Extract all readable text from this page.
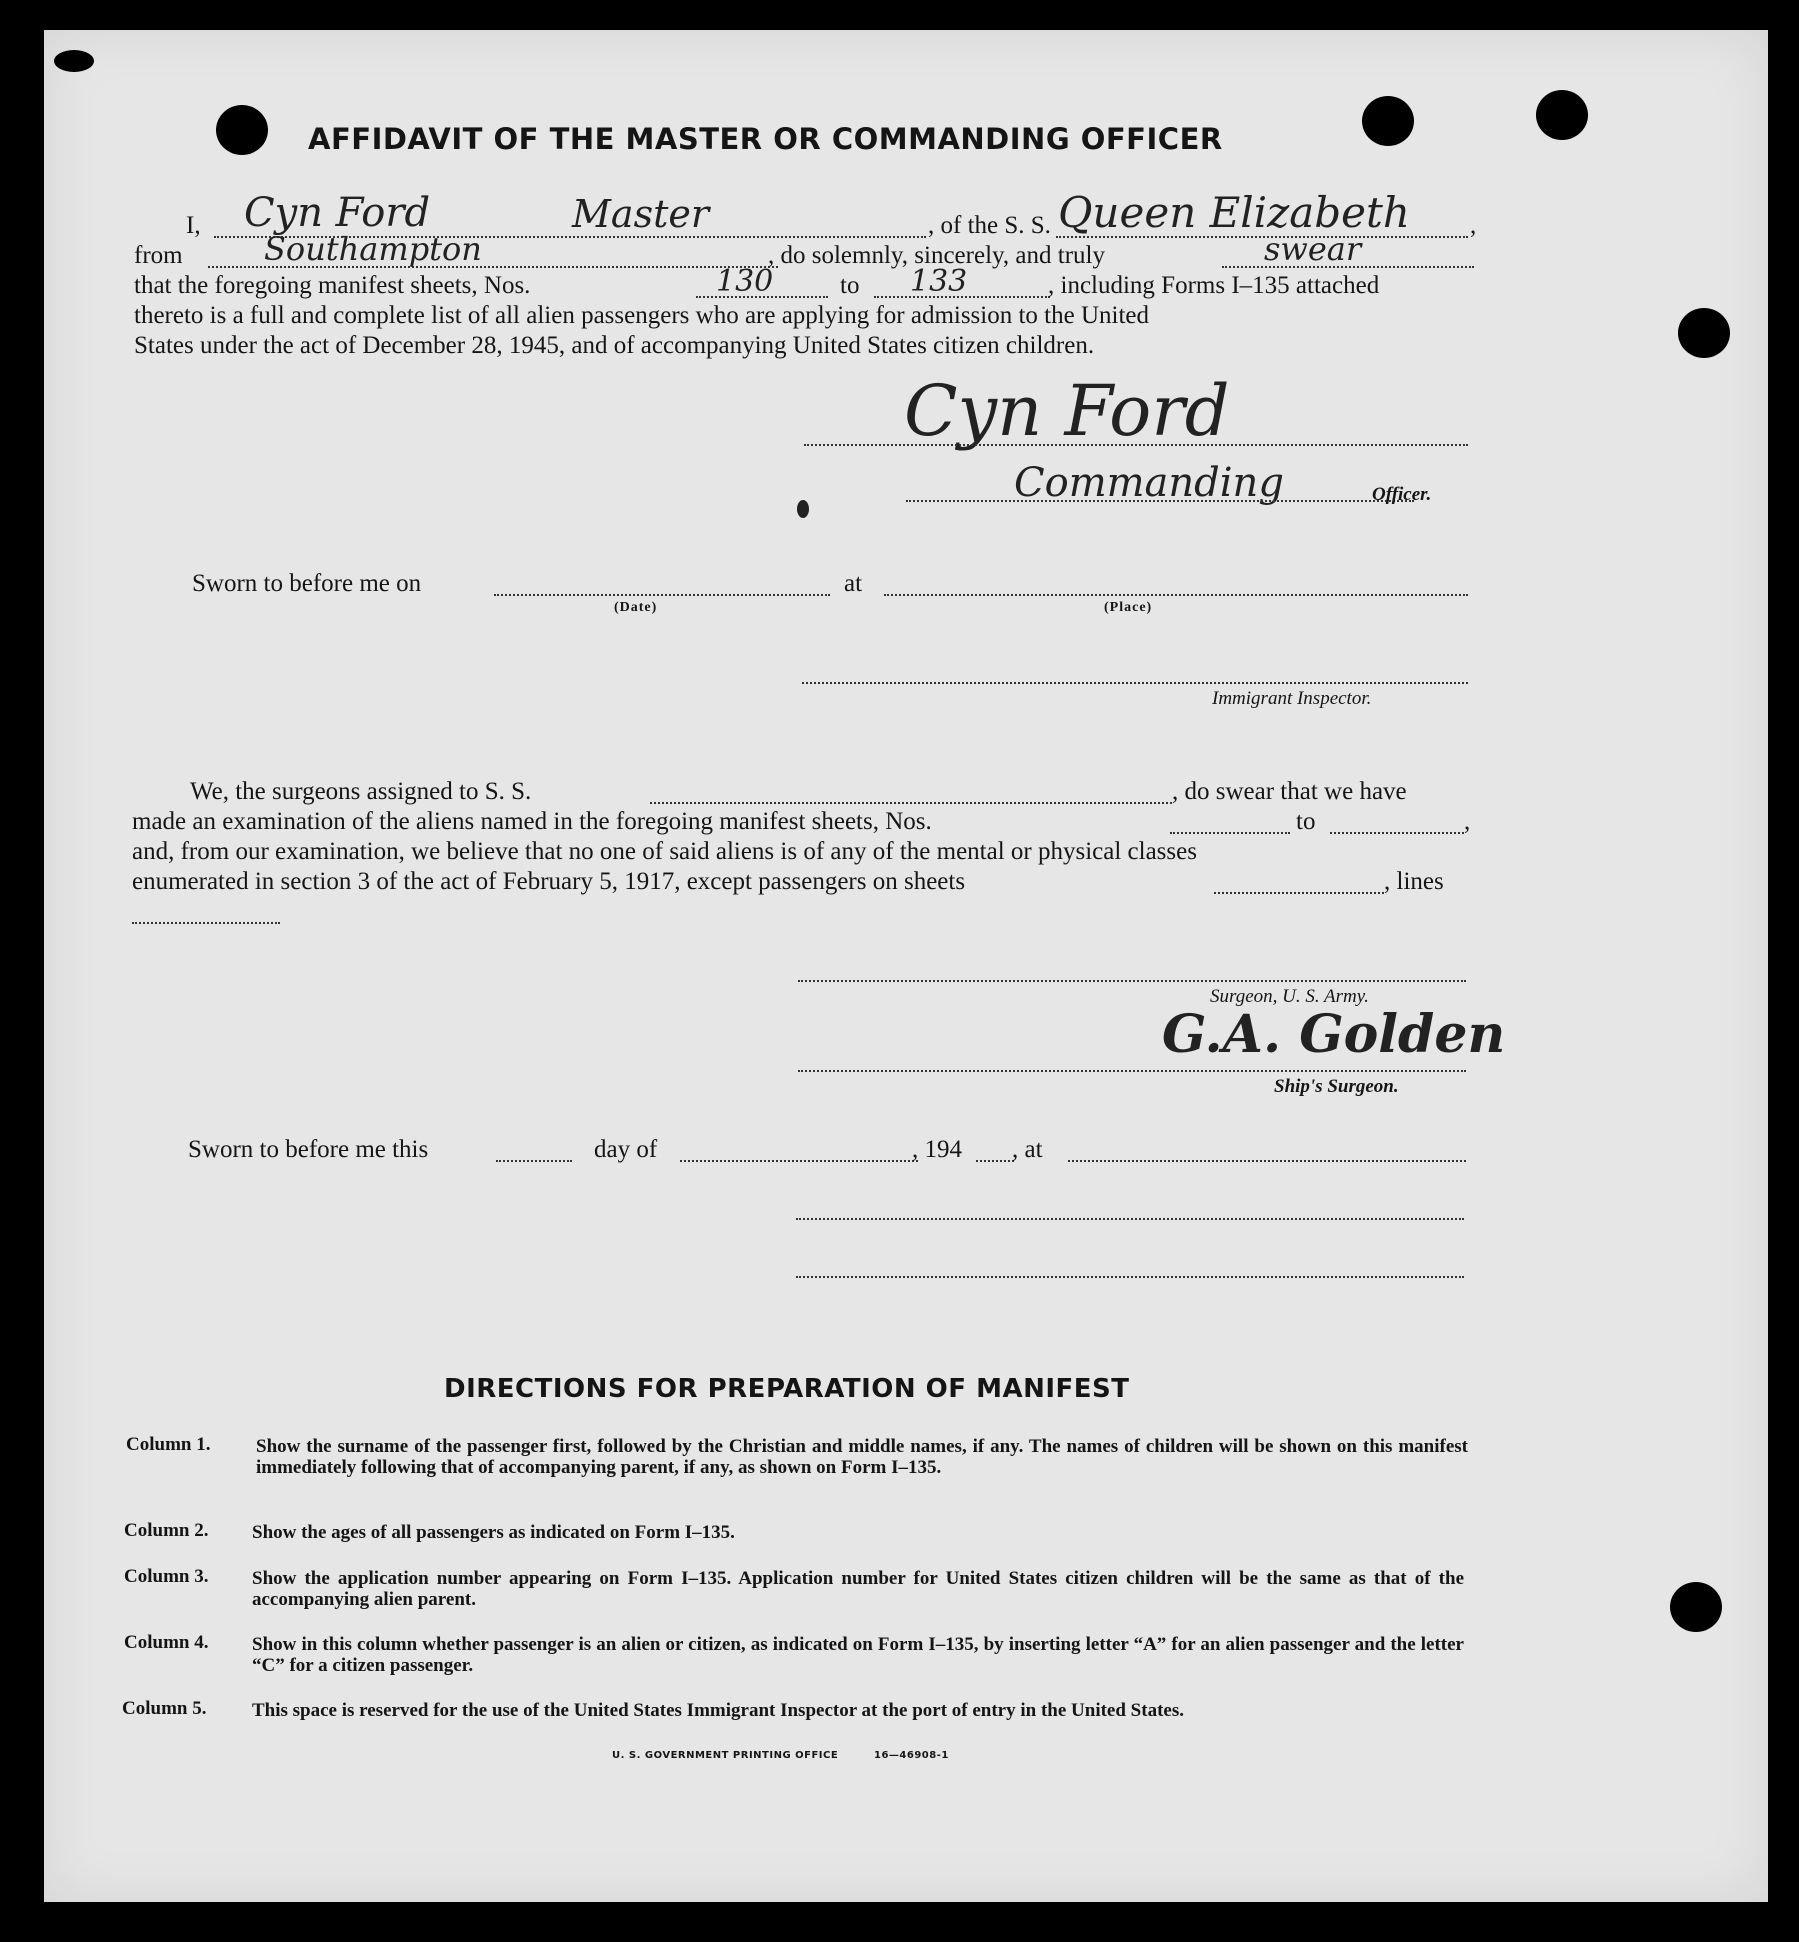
AFFIDAVIT OF THE MASTER OR COMMANDING OFFICER
I, Cyn Ford	Master	, of the S. S. Queen Elizabeth ,
from	Southampton	, do solemnly, sincerely, and truly	swear
that the foregoing manifest sheets, Nos.	130	to 133	, including Forms I–135 attached
thereto is a full and complete list of all alien passengers who are applying for admission to the United
States under the act of December 28, 1945, and of accompanying United States citizen children.
Cyn Ford
Commanding	Officer.
Sworn to before me on
(Date)
at
(Place)
Immigrant Inspector.
We, the surgeons assigned to S. S.	, do swear that we have
made an examination of the aliens named in the foregoing manifest sheets, Nos.	to	,
and, from our examination, we believe that no one of said aliens is of any of the mental or physical classes
enumerated in section 3 of the act of February 5, 1917, except passengers on sheets	, lines
Surgeon, U. S. Army.
G.A. Golden
Ship's Surgeon.
Sworn to before me this	day of	, 194 , at
DIRECTIONS FOR PREPARATION OF MANIFEST
Column 1. Show the surname of the passenger first, followed by the Christian and middle names, if any. The names of children will be shown on this manifest immediately following that of accompanying parent, if any, as shown on Form I–135.
Column 2. Show the ages of all passengers as indicated on Form I–135.
Column 3. Show the application number appearing on Form I–135. Application number for United States citizen children will be the same as that of the accompanying alien parent.
Column 4. Show in this column whether passenger is an alien or citizen, as indicated on Form I–135, by inserting letter “A” for an alien passenger and the letter “C” for a citizen passenger.
Column 5. This space is reserved for the use of the United States Immigrant Inspector at the port of entry in the United States.
U. S. GOVERNMENT PRINTING OFFICE	16—46908-1
